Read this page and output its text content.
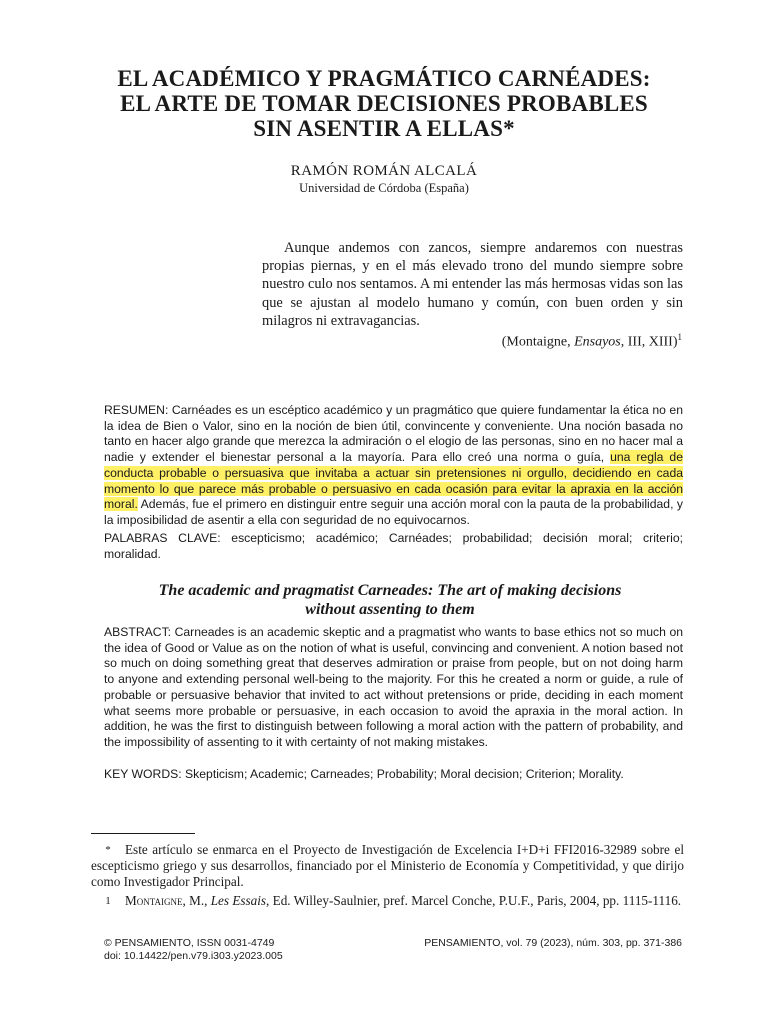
EL ACADÉMICO Y PRAGMÁTICO CARNÉADES:
EL ARTE DE TOMAR DECISIONES PROBABLES
SIN ASENTIR A ELLAS*
RAMÓN ROMÁN ALCALÁ
Universidad de Córdoba (España)

Aunque andemos con zancos, siempre andaremos con nuestras propias piernas, y en el más elevado trono del mundo siempre sobre nuestro culo nos sentamos. A mi entender las más hermosas vidas son las que se ajustan al modelo humano y común, con buen orden y sin milagros ni extravagancias.

(Montaigne, Ensayos, III, XIII)$^1$

RESUMEN: Carnéades es un escéptico académico y un pragmático que quiere fundamentar la ética no en la idea de Bien o Valor, sino en la noción de bien útil, convincente y conveniente. Una noción basada no tanto en hacer algo grande que merezca la admiración o el elogio de las personas, sino en no hacer mal a nadie y extender el bienestar personal a la mayoría. Para ello creó una norma o guía, una regla de conducta probable o persuasiva que invitaba a actuar sin pretensiones ni orgullo, decidiendo en cada momento lo que parece más probable o persuasivo en cada ocasión para evitar la apraxia en la acción moral. Además, fue el primero en distinguir entre seguir una acción moral con la pauta de la probabilidad, y la imposibilidad de asentir a ella con seguridad de no equivocarnos.

PALABRAS CLAVE: escepticismo; académico; Carnéades; probabilidad; decisión moral; criterio; moralidad.

The academic and pragmatist Carneades: The art of making decisions
without assenting to them

ABSTRACT: Carneades is an academic skeptic and a pragmatist who wants to base ethics not so much on the idea of Good or Value as on the notion of what is useful, convincing and convenient. A notion based not so much on doing something great that deserves admiration or praise from people, but on not doing harm to anyone and extending personal well-being to the majority. For this he created a norm or guide, a rule of probable or persuasive behavior that invited to act without pretensions or pride, deciding in each moment what seems more probable or persuasive, in each occasion to avoid the apraxia in the moral action. In addition, he was the first to distinguish between following a moral action with the pattern of probability, and the impossibility of assenting to it with certainty of not making mistakes.

KEY WORDS: Skepticism; Academic; Carneades; Probability; Moral decision; Criterion; Morality.

* Este artículo se enmarca en el Proyecto de Investigación de Excelencia I+D+i FFI2016-32989 sobre el escepticismo griego y sus desarrollos, financiado por el Ministerio de Economía y Competitividad, y que dirijo como Investigador Principal.

1 Montaigne, M., Les Essais, Ed. Willey-Saulnier, pref. Marcel Conche, P.U.F., Paris, 2004, pp. 1115-1116.

© PENSAMIENTO, ISSN 0031-4749
doi: 10.14422/pen.v79.i303.y2023.005
PENSAMIENTO, vol. 79 (2023), núm. 303, pp. 371-386
